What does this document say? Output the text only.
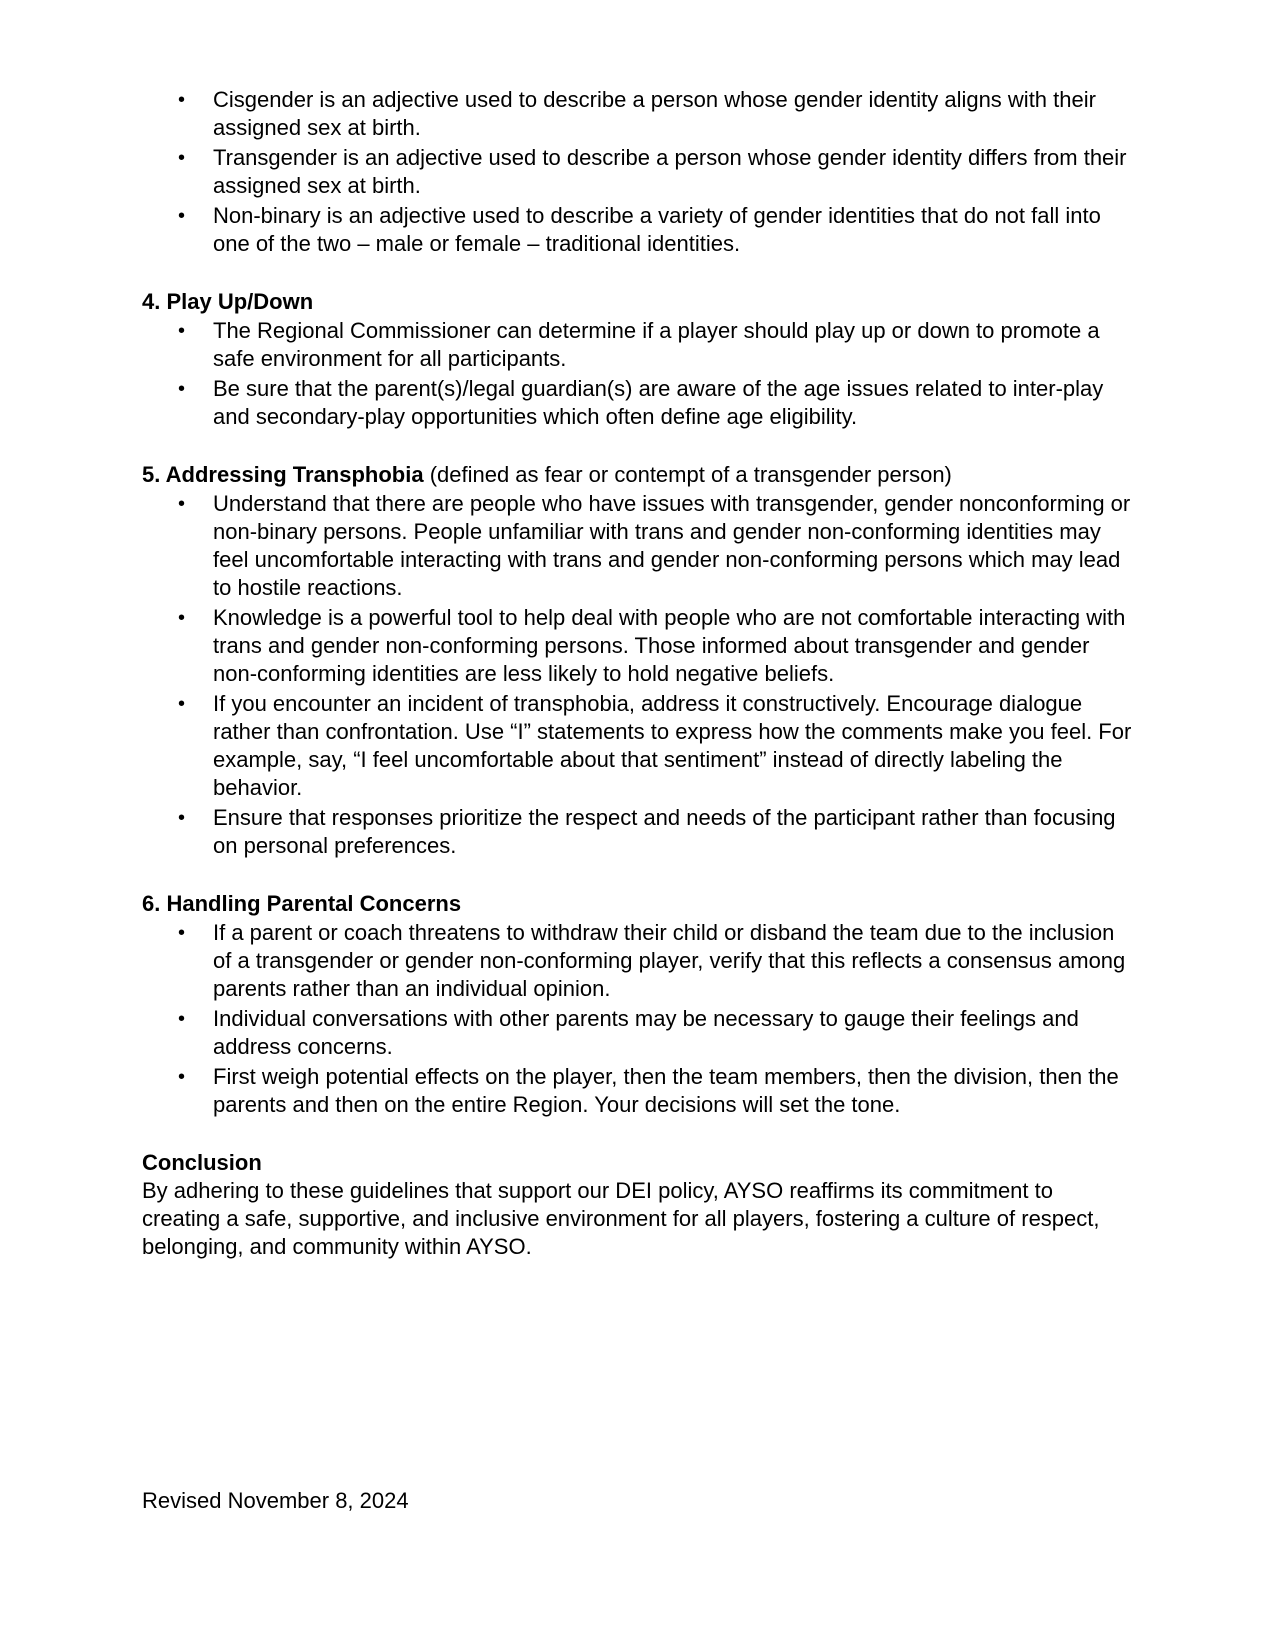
• Cisgender is an adjective used to describe a person whose gender identity aligns with their assigned sex at birth.
• Transgender is an adjective used to describe a person whose gender identity differs from their assigned sex at birth.
• Non-binary is an adjective used to describe a variety of gender identities that do not fall into one of the two – male or female – traditional identities.
4. Play Up/Down
• The Regional Commissioner can determine if a player should play up or down to promote a safe environment for all participants.
• Be sure that the parent(s)/legal guardian(s) are aware of the age issues related to inter-play and secondary-play opportunities which often define age eligibility.
5. Addressing Transphobia (defined as fear or contempt of a transgender person)
• Understand that there are people who have issues with transgender, gender nonconforming or non-binary persons. People unfamiliar with trans and gender non-conforming identities may feel uncomfortable interacting with trans and gender non-conforming persons which may lead to hostile reactions.
• Knowledge is a powerful tool to help deal with people who are not comfortable interacting with trans and gender non-conforming persons. Those informed about transgender and gender non-conforming identities are less likely to hold negative beliefs.
• If you encounter an incident of transphobia, address it constructively. Encourage dialogue rather than confrontation. Use “I” statements to express how the comments make you feel. For example, say, “I feel uncomfortable about that sentiment” instead of directly labeling the behavior.
• Ensure that responses prioritize the respect and needs of the participant rather than focusing on personal preferences.
6. Handling Parental Concerns
• If a parent or coach threatens to withdraw their child or disband the team due to the inclusion of a transgender or gender non-conforming player, verify that this reflects a consensus among parents rather than an individual opinion.
• Individual conversations with other parents may be necessary to gauge their feelings and address concerns.
• First weigh potential effects on the player, then the team members, then the division, then the parents and then on the entire Region. Your decisions will set the tone.
Conclusion

By adhering to these guidelines that support our DEI policy, AYSO reaffirms its commitment to creating a safe, supportive, and inclusive environment for all players, fostering a culture of respect, belonging, and community within AYSO.

Revised November 8, 2024
